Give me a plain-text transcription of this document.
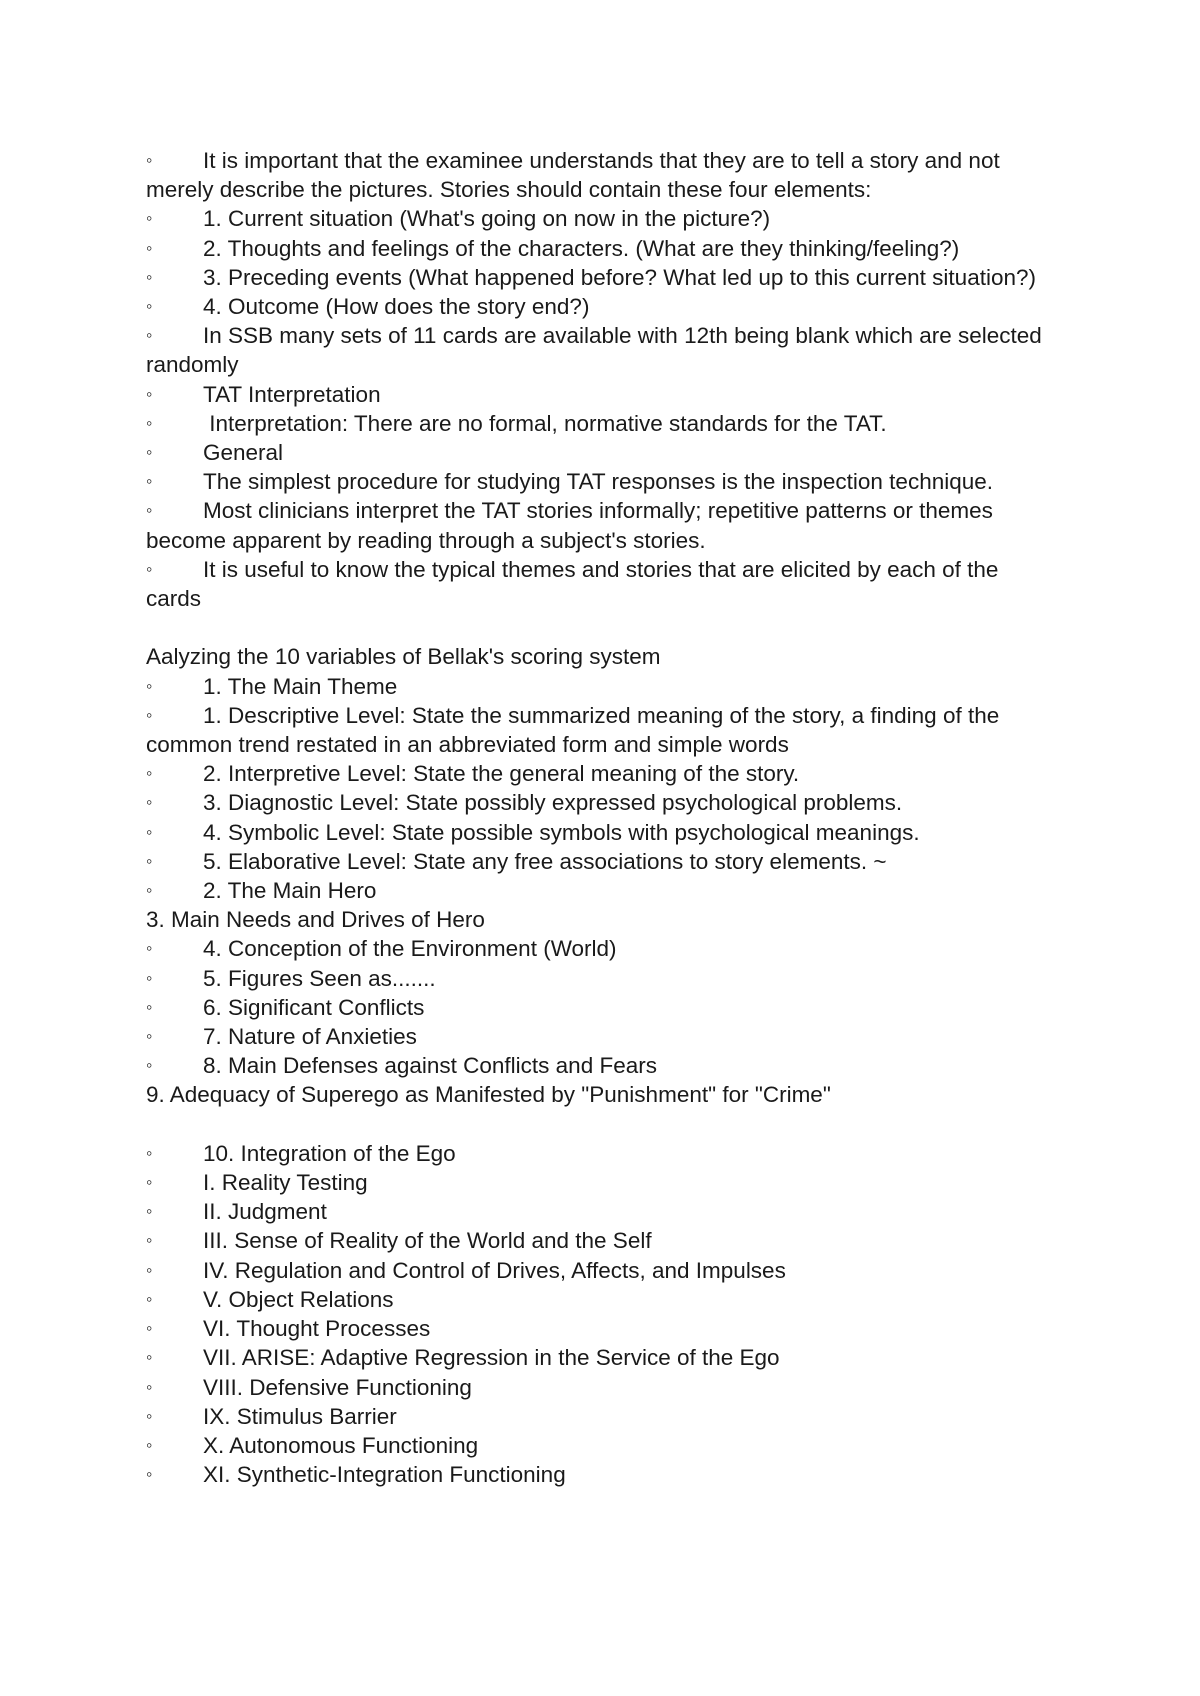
◦ It is important that the examinee understands that they are to tell a story and not merely describe the pictures. Stories should contain these four elements:

◦ 1. Current situation (What's going on now in the picture?)

◦ 2. Thoughts and feelings of the characters. (What are they thinking/feeling?)

◦ 3. Preceding events (What happened before? What led up to this current situation?)

◦ 4. Outcome (How does the story end?)

◦ In SSB many sets of 11 cards are available with 12th being blank which are selected randomly

◦ TAT Interpretation

◦ Interpretation: There are no formal, normative standards for the TAT.

◦ General

◦ The simplest procedure for studying TAT responses is the inspection technique.

◦ Most clinicians interpret the TAT stories informally; repetitive patterns or themes become apparent by reading through a subject's stories.

◦ It is useful to know the typical themes and stories that are elicited by each of the cards

Aalyzing the 10 variables of Bellak's scoring system

◦ 1. The Main Theme

◦ 1. Descriptive Level: State the summarized meaning of the story, a finding of the common trend restated in an abbreviated form and simple words

◦ 2. Interpretive Level: State the general meaning of the story.

◦ 3. Diagnostic Level: State possibly expressed psychological problems.

◦ 4. Symbolic Level: State possible symbols with psychological meanings.

◦ 5. Elaborative Level: State any free associations to story elements. ~

◦ 2. The Main Hero

3. Main Needs and Drives of Hero

◦ 4. Conception of the Environment (World)

◦ 5. Figures Seen as.......

◦ 6. Significant Conflicts

◦ 7. Nature of Anxieties

◦ 8. Main Defenses against Conflicts and Fears

9. Adequacy of Superego as Manifested by "Punishment" for "Crime"

◦ 10. Integration of the Ego

◦ I. Reality Testing

◦ II. Judgment

◦ III. Sense of Reality of the World and the Self

◦ IV. Regulation and Control of Drives, Affects, and Impulses

◦ V. Object Relations

◦ VI. Thought Processes

◦ VII. ARISE: Adaptive Regression in the Service of the Ego

◦ VIII. Defensive Functioning

◦ IX. Stimulus Barrier

◦ X. Autonomous Functioning

◦ XI. Synthetic-Integration Functioning
